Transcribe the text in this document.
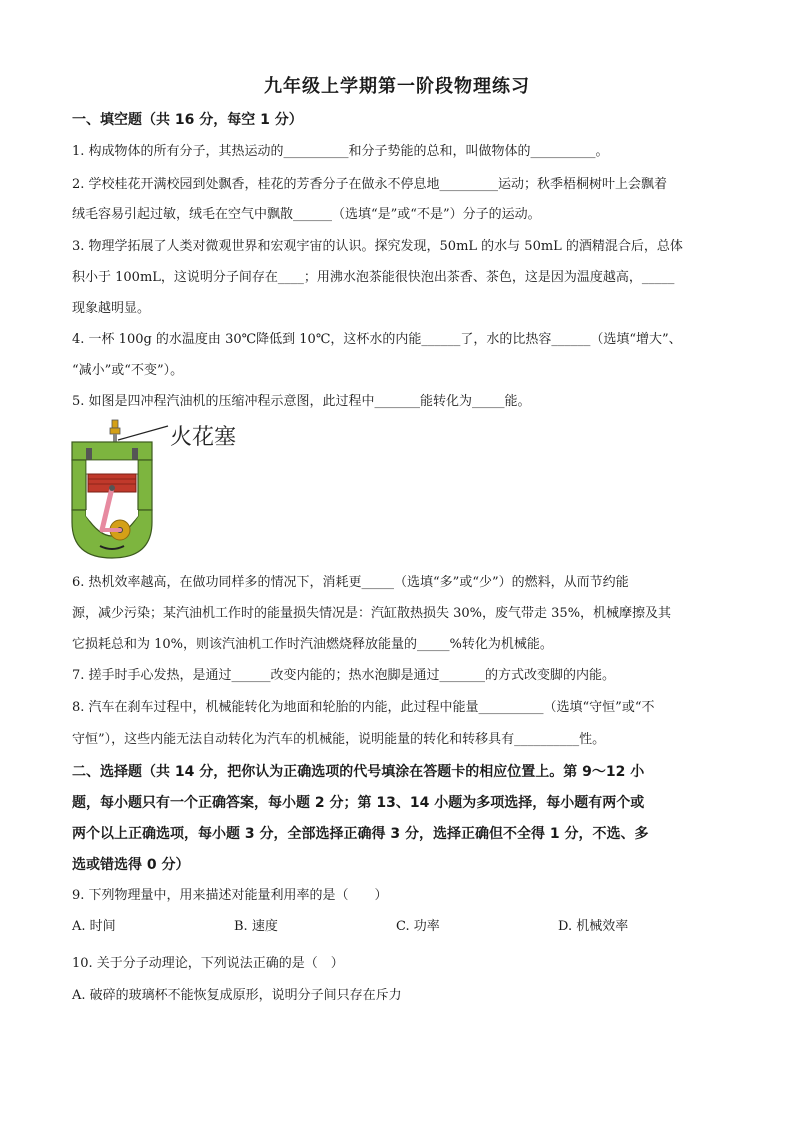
九年级上学期第一阶段物理练习
一、填空题（共 16 分，每空 1 分）
1. 构成物体的所有分子，其热运动的__________和分子势能的总和，叫做物体的__________。
2. 学校桂花开满校园到处飘香，桂花的芳香分子在做永不停息地_________运动；秋季梧桐树叶上会飘着
绒毛容易引起过敏，绒毛在空气中飘散______（选填“是”或“不是”）分子的运动。
3. 物理学拓展了人类对微观世界和宏观宇宙的认识。探究发现，50mL 的水与 50mL 的酒精混合后，总体
积小于 100mL，这说明分子间存在____；用沸水泡茶能很快泡出茶香、茶色，这是因为温度越高，_____
现象越明显。
4. 一杯 100g 的水温度由 30℃降低到 10℃，这杯水的内能______了，水的比热容______（选填“增大”、
“减小”或“不变”）。
5. 如图是四冲程汽油机的压缩冲程示意图，此过程中_______能转化为_____能。
火花塞
6. 热机效率越高，在做功同样多的情况下，消耗更_____（选填“多”或“少”）的燃料，从而节约能
源，减少污染；某汽油机工作时的能量损失情况是：汽缸散热损失 30%，废气带走 35%，机械摩擦及其
它损耗总和为 10%，则该汽油机工作时汽油燃烧释放能量的_____%转化为机械能。
7. 搓手时手心发热，是通过______改变内能的；热水泡脚是通过_______的方式改变脚的内能。
8. 汽车在刹车过程中，机械能转化为地面和轮胎的内能，此过程中能量__________（选填“守恒”或“不
守恒”），这些内能无法自动转化为汽车的机械能，说明能量的转化和转移具有__________性。
二、选择题（共 14 分，把你认为正确选项的代号填涂在答题卡的相应位置上。第 9～12 小
题，每小题只有一个正确答案，每小题 2 分；第 13、14 小题为多项选择，每小题有两个或
两个以上正确选项，每小题 3 分，全部选择正确得 3 分，选择正确但不全得 1 分，不选、多
选或错选得 0 分）
9. 下列物理量中，用来描述对能量利用率的是（　　）
A. 时间	B. 速度	C. 功率	D. 机械效率
10. 关于分子动理论，下列说法正确的是（　）
A. 破碎的玻璃杯不能恢复成原形，说明分子间只存在斥力
